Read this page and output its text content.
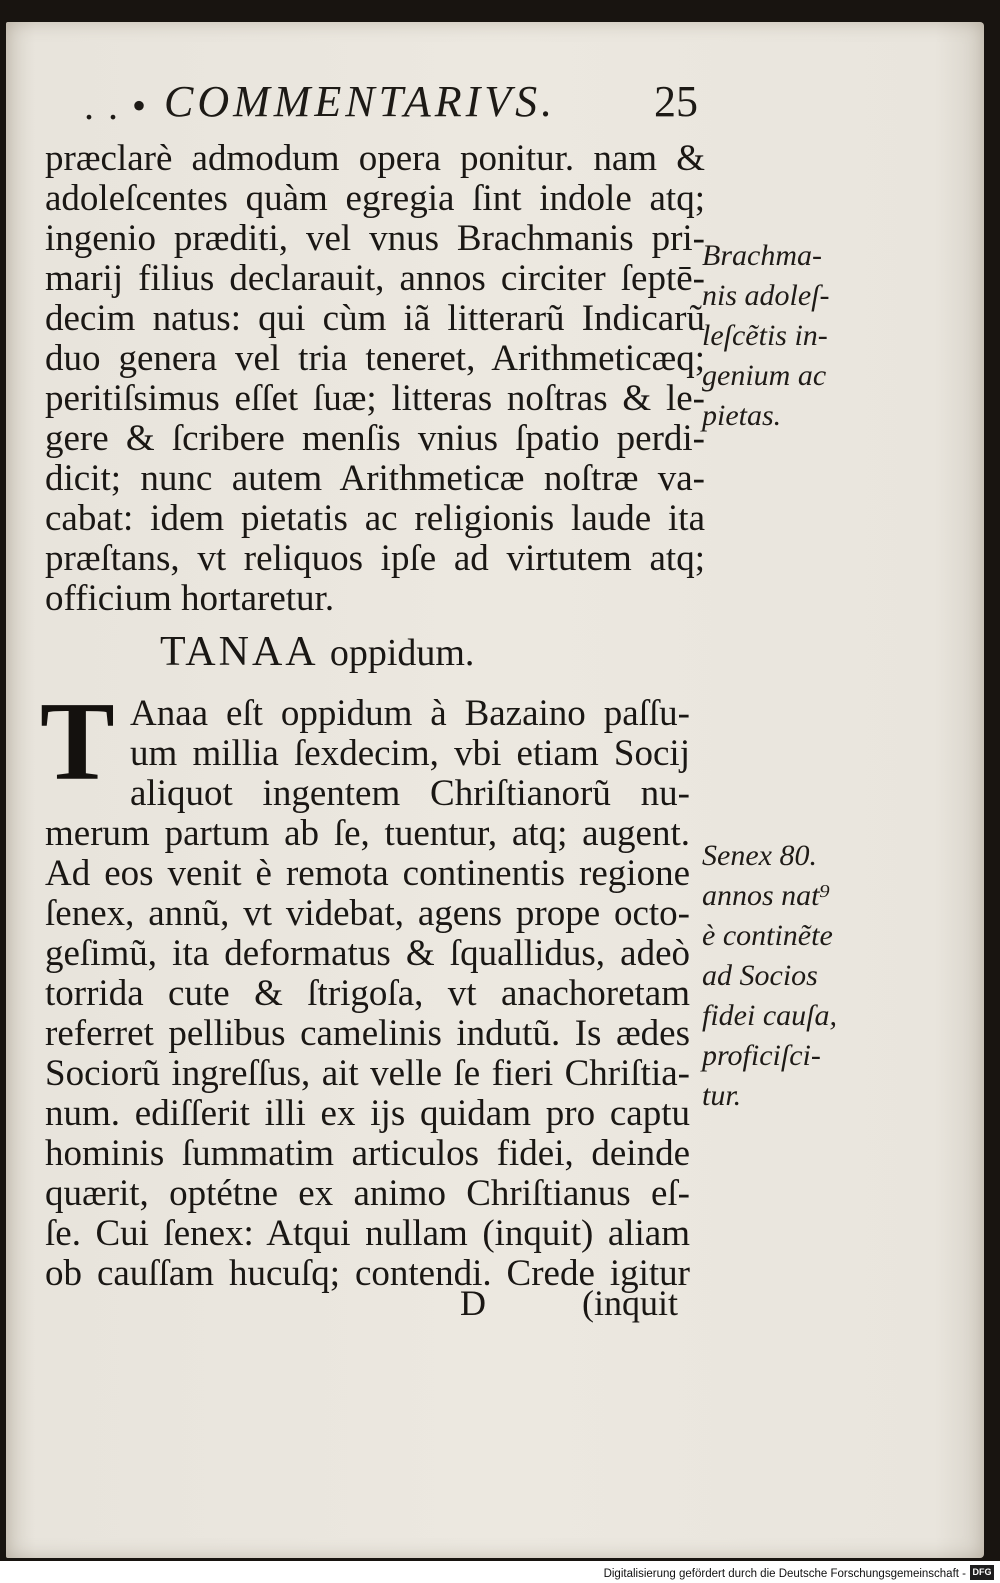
. . • COMMENTARIVS. 25
præclarè admodum opera ponitur. nam &
adoleſcentes quàm egregia ſint indole atq;
ingenio præditi, vel vnus Brachmanis pri-
marij filius declarauit, annos circiter ſeptē-
decim natus: qui cùm iã litterarũ Indicarũ
duo genera vel tria teneret, Arithmeticæq;
peritiſsimus eſſet ſuæ; litteras noſtras & le-
gere & ſcribere menſis vnius ſpatio perdi-
dicit; nunc autem Arithmeticæ noſtræ va-
cabat: idem pietatis ac religionis laude ita
præſtans, vt reliquos ipſe ad virtutem atq;
officium hortaretur.
Brachma-
nis adoleſ-
leſcẽtis in-
genium ac
pietas.
TANAA oppidum.
T Anaa eſt oppidum à Bazaino paſſu-
um millia ſexdecim, vbi etiam Socij
aliquot ingentem Chriſtianorũ nu-
merum partum ab ſe, tuentur, atq; augent.
Ad eos venit è remota continentis regione
ſenex, annũ, vt videbat, agens prope octo-
geſimũ, ita deformatus & ſquallidus, adeò
torrida cute & ſtrigoſa, vt anachoretam
referret pellibus camelinis indutũ. Is ædes
Sociorũ ingreſſus, ait velle ſe fieri Chriſtia-
num. ediſſerit illi ex ijs quidam pro captu
hominis ſummatim articulos fidei, deinde
quærit, optétne ex animo Chriſtianus eſ-
ſe. Cui ſenex: Atqui nullam (inquit) aliam
ob cauſſam hucuſq; contendi. Crede igitur
Senex 80.
annos nat⁹
è continẽte
ad Socios
fidei cauſa,
proficiſci-
tur.
D	(inquit
Digitalisierung gefördert durch die Deutsche Forschungsgemeinschaft - DFG
